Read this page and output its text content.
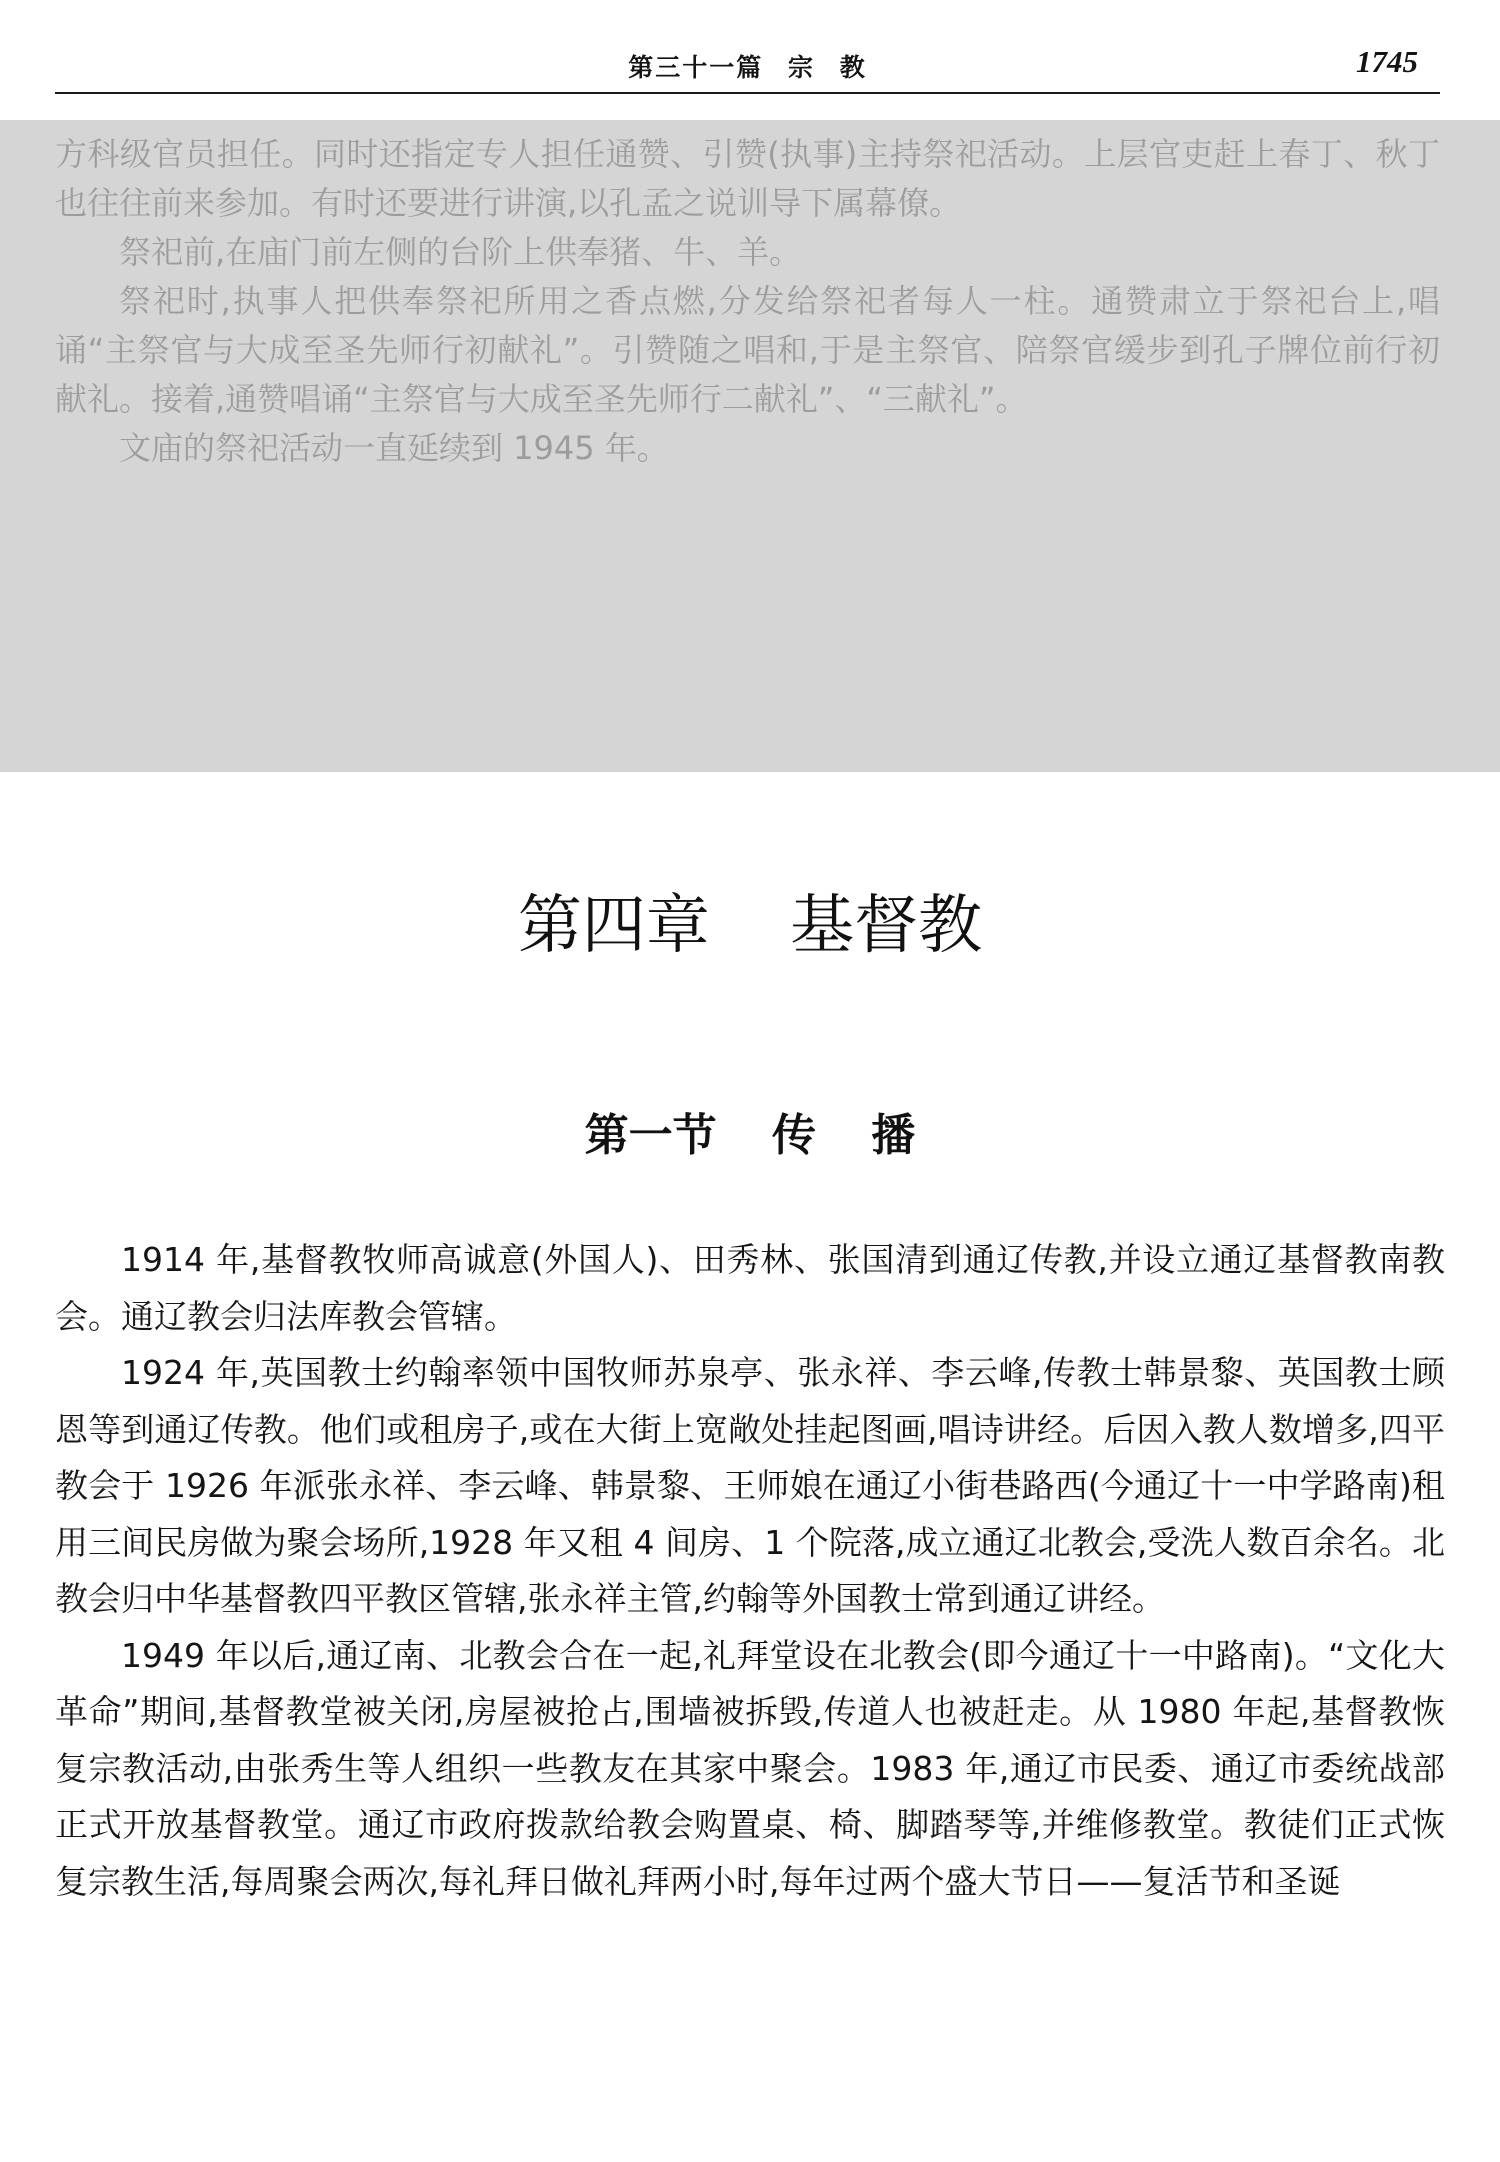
第三十一篇 宗 教	1745

方科级官员担任。同时还指定专人担任通赞、引赞(执事)主持祭祀活动。上层官吏赶上春丁、秋丁也往往前来参加。有时还要进行讲演,以孔孟之说训导下属幕僚。

祭祀前,在庙门前左侧的台阶上供奉猪、牛、羊。

祭祀时,执事人把供奉祭祀所用之香点燃,分发给祭祀者每人一柱。通赞肃立于祭祀台上,唱诵“主祭官与大成至圣先师行初献礼”。引赞随之唱和,于是主祭官、陪祭官缓步到孔子牌位前行初献礼。接着,通赞唱诵“主祭官与大成至圣先师行二献礼”、“三献礼”。

文庙的祭祀活动一直延续到 1945 年。

第四章 基督教
第一节 传 播

1914 年,基督教牧师高诚意(外国人)、田秀林、张国清到通辽传教,并设立通辽基督教南教会。通辽教会归法库教会管辖。

1924 年,英国教士约翰率领中国牧师苏泉亭、张永祥、李云峰,传教士韩景黎、英国教士顾恩等到通辽传教。他们或租房子,或在大街上宽敞处挂起图画,唱诗讲经。后因入教人数增多,四平教会于 1926 年派张永祥、李云峰、韩景黎、王师娘在通辽小街巷路西(今通辽十一中学路南)租用三间民房做为聚会场所,1928 年又租 4 间房、1 个院落,成立通辽北教会,受洗人数百余名。北教会归中华基督教四平教区管辖,张永祥主管,约翰等外国教士常到通辽讲经。

1949 年以后,通辽南、北教会合在一起,礼拜堂设在北教会(即今通辽十一中路南)。“文化大革命”期间,基督教堂被关闭,房屋被抢占,围墙被拆毁,传道人也被赶走。从 1980 年起,基督教恢复宗教活动,由张秀生等人组织一些教友在其家中聚会。1983 年,通辽市民委、通辽市委统战部正式开放基督教堂。通辽市政府拨款给教会购置桌、椅、脚踏琴等,并维修教堂。教徒们正式恢复宗教生活,每周聚会两次,每礼拜日做礼拜两小时,每年过两个盛大节日——复活节和圣诞
